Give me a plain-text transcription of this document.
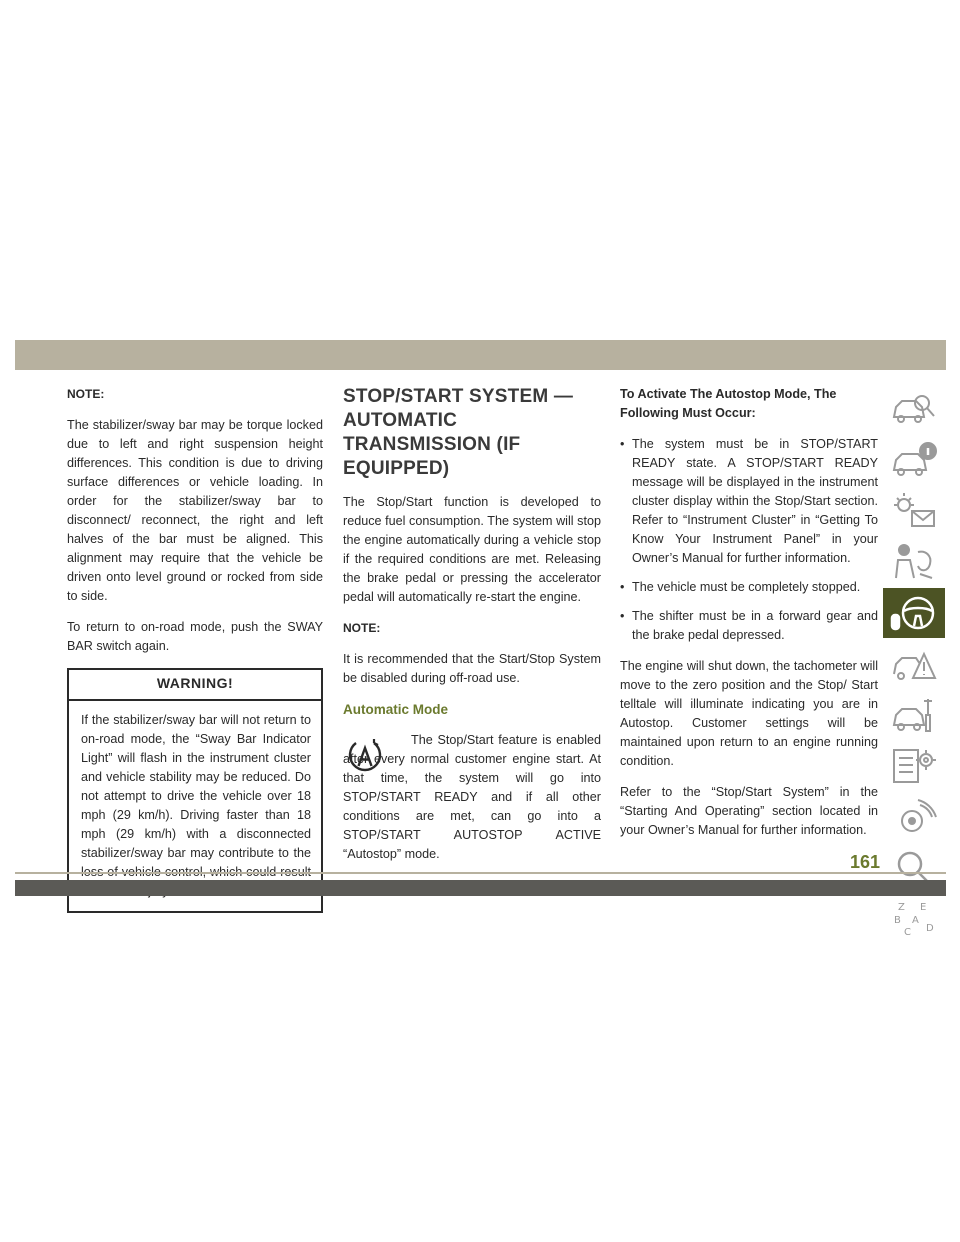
NOTE:

The stabilizer/sway bar may be torque locked due to left and right suspension height differences. This condition is due to driving surface differences or vehicle loading. In order for the stabilizer/sway bar to disconnect/ reconnect, the right and left halves of the bar must be aligned. This alignment may require that the vehicle be driven onto level ground or rocked from side to side.

To return to on-road mode, push the SWAY BAR switch again.

WARNING!
If the stabilizer/sway bar will not return to on-road mode, the “Sway Bar Indicator Light” will flash in the instrument cluster and vehicle stability may be reduced. Do not attempt to drive the vehicle over 18 mph (29 km/h). Driving faster than 18 mph (29 km/h) with a disconnected stabilizer/sway bar may contribute to the
STOP/START SYSTEM — AUTOMATIC TRANSMISSION (IF EQUIPPED)

The Stop/Start function is developed to reduce fuel consumption. The system will stop the engine automatically during a vehicle stop if the required conditions are met. Releasing the brake pedal or pressing the accelerator pedal will automatically re-start the engine.

NOTE:

It is recommended that the Start/Stop System be disabled during off-road use.

Automatic Mode

The Stop/Start feature is enabled after every normal customer engine start. At that time, the system will go into STOP/START READY and if all other conditions are met, can go into a STOP/START AUTOSTOP ACTIVE “Autostop” mode.

To Activate The Autostop Mode, The Following Must Occur:

• The system must be in STOP/START READY state. A STOP/START READY message will be displayed in the instrument cluster display within the Stop/Start section. Refer to “Instrument Cluster” in “Getting To Know Your Instrument Panel” in your Owner’s Manual for further information.
• The vehicle must be completely stopped.
• The shifter must be in a forward gear and the brake pedal depressed.

The engine will shut down, the tachometer will move to the zero position and the Stop/ Start telltale will illuminate indicating you are in Autostop. Customer settings will be maintained upon return to an engine running condition.

Refer to the “Stop/Start System” in the “Starting And Operating” section located in your Owner’s Manual for further information.

Z E
B A
C D
161
